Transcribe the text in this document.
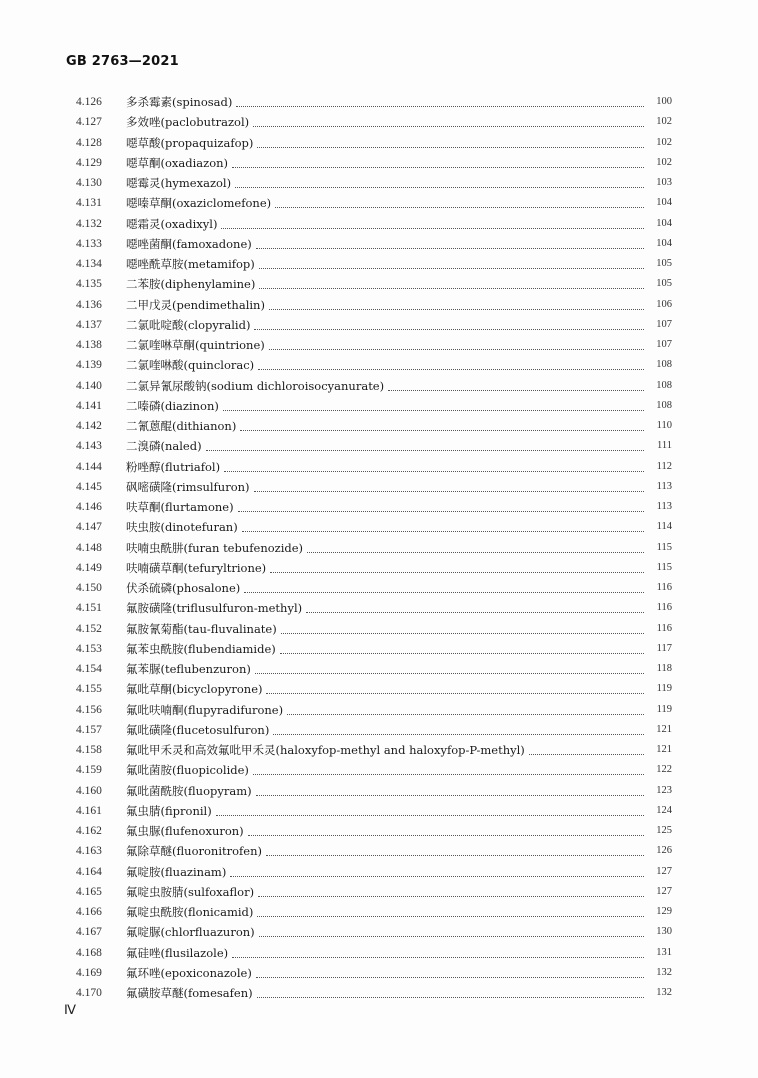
GB 2763—2021
4.126	多杀霉素(spinosad)	100
4.127	多效唑(paclobutrazol)	102
4.128	噁草酸(propaquizafop)	102
4.129	噁草酮(oxadiazon)	102
4.130	噁霉灵(hymexazol)	103
4.131	噁嗪草酮(oxaziclomefone)	104
4.132	噁霜灵(oxadixyl)	104
4.133	噁唑菌酮(famoxadone)	104
4.134	噁唑酰草胺(metamifop)	105
4.135	二苯胺(diphenylamine)	105
4.136	二甲戊灵(pendimethalin)	106
4.137	二氯吡啶酸(clopyralid)	107
4.138	二氯喹啉草酮(quintrione)	107
4.139	二氯喹啉酸(quinclorac)	108
4.140	二氯异氰尿酸钠(sodium dichloroisocyanurate)	108
4.141	二嗪磷(diazinon)	108
4.142	二氰蒽醌(dithianon)	110
4.143	二溴磷(naled)	111
4.144	粉唑醇(flutriafol)	112
4.145	砜嘧磺隆(rimsulfuron)	113
4.146	呋草酮(flurtamone)	113
4.147	呋虫胺(dinotefuran)	114
4.148	呋喃虫酰肼(furan tebufenozide)	115
4.149	呋喃磺草酮(tefuryltrione)	115
4.150	伏杀硫磷(phosalone)	116
4.151	氟胺磺隆(triflusulfuron-methyl)	116
4.152	氟胺氰菊酯(tau-fluvalinate)	116
4.153	氟苯虫酰胺(flubendiamide)	117
4.154	氟苯脲(teflubenzuron)	118
4.155	氟吡草酮(bicyclopyrone)	119
4.156	氟吡呋喃酮(flupyradifurone)	119
4.157	氟吡磺隆(flucetosulfuron)	121
4.158	氟吡甲禾灵和高效氟吡甲禾灵(haloxyfop-methyl and haloxyfop-P-methyl)	121
4.159	氟吡菌胺(fluopicolide)	122
4.160	氟吡菌酰胺(fluopyram)	123
4.161	氟虫腈(fipronil)	124
4.162	氟虫脲(flufenoxuron)	125
4.163	氟除草醚(fluoronitrofen)	126
4.164	氟啶胺(fluazinam)	127
4.165	氟啶虫胺腈(sulfoxaflor)	127
4.166	氟啶虫酰胺(flonicamid)	129
4.167	氟啶脲(chlorfluazuron)	130
4.168	氟硅唑(flusilazole)	131
4.169	氟环唑(epoxiconazole)	132
4.170	氟磺胺草醚(fomesafen)	132
Ⅳ
